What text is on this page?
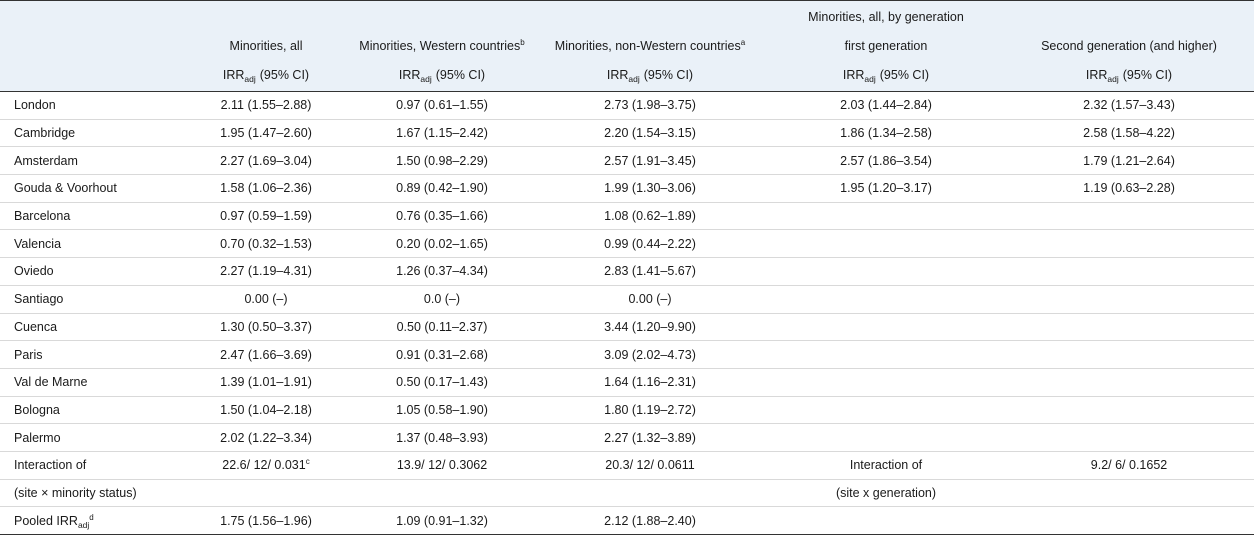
				Minorities, all, by generation	
	Minorities, all	Minorities, Western countries$^b$	Minorities, non-Western countries$^a$	first generation	Second generation (and higher)
	$IRR_{adj}$ (95% CI)	$IRR_{adj}$ (95% CI)	$IRR_{adj}$ (95% CI)	$IRR_{adj}$ (95% CI)	$IRR_{adj}$ (95% CI)
London	2.11 (1.55–2.88)	0.97 (0.61–1.55)	2.73 (1.98–3.75)	2.03 (1.44–2.84)	2.32 (1.57–3.43)
Cambridge	1.95 (1.47–2.60)	1.67 (1.15–2.42)	2.20 (1.54–3.15)	1.86 (1.34–2.58)	2.58 (1.58–4.22)
Amsterdam	2.27 (1.69–3.04)	1.50 (0.98–2.29)	2.57 (1.91–3.45)	2.57 (1.86–3.54)	1.79 (1.21–2.64)
Gouda & Voorhout	1.58 (1.06–2.36)	0.89 (0.42–1.90)	1.99 (1.30–3.06)	1.95 (1.20–3.17)	1.19 (0.63–2.28)
Barcelona	0.97 (0.59–1.59)	0.76 (0.35–1.66)	1.08 (0.62–1.89)		
Valencia	0.70 (0.32–1.53)	0.20 (0.02–1.65)	0.99 (0.44–2.22)		
Oviedo	2.27 (1.19–4.31)	1.26 (0.37–4.34)	2.83 (1.41–5.67)		
Santiago	0.00 (–)	0.0 (–)	0.00 (–)		
Cuenca	1.30 (0.50–3.37)	0.50 (0.11–2.37)	3.44 (1.20–9.90)		
Paris	2.47 (1.66–3.69)	0.91 (0.31–2.68)	3.09 (2.02–4.73)		
Val de Marne	1.39 (1.01–1.91)	0.50 (0.17–1.43)	1.64 (1.16–2.31)		
Bologna	1.50 (1.04–2.18)	1.05 (0.58–1.90)	1.80 (1.19–2.72)		
Palermo	2.02 (1.22–3.34)	1.37 (0.48–3.93)	2.27 (1.32–3.89)		
Interaction of	22.6/ 12/ 0.031$^c$	13.9/ 12/ 0.3062	20.3/ 12/ 0.0611	Interaction of	9.2/ 6/ 0.1652
(site × minority status)				(site x generation)	
Pooled $IRR_{adj}^d$	1.75 (1.56–1.96)	1.09 (0.91–1.32)	2.12 (1.88–2.40)		
